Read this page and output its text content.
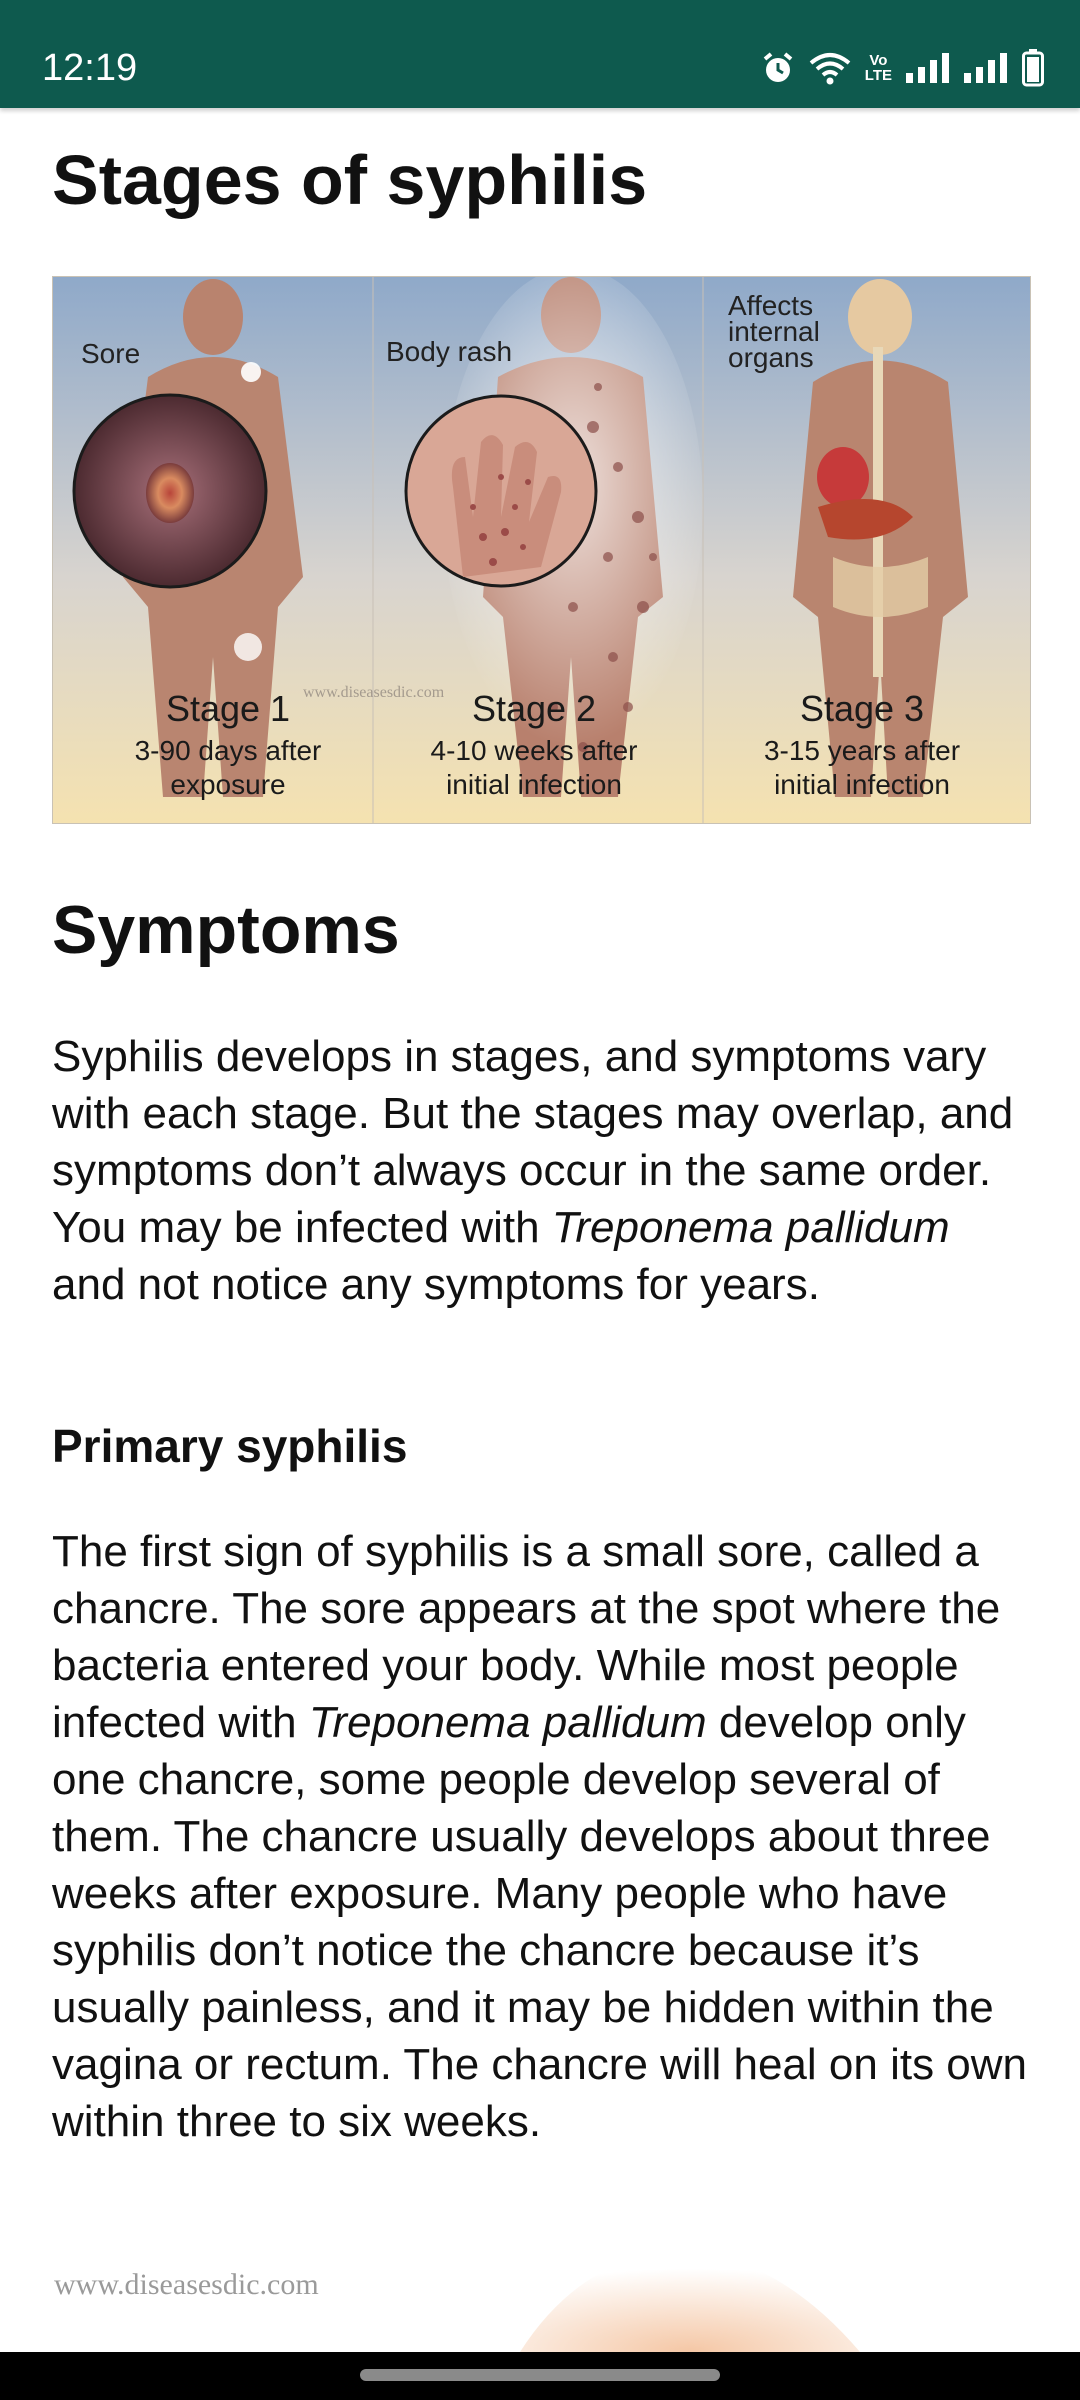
12:19	Vo
LTE
Stages of syphilis
Sore	Body rash
Affects
internal
organs
Stage 1
3-90 days after
exposure
Stage 2
4-10 weeks after
initial infection
Stage 3
3-15 years after
initial infection
www.diseasesdic.com
Symptoms

Syphilis develops in stages, and symptoms vary with each stage. But the stages may overlap, and symptoms don’t always occur in the same order. You may be infected with Treponema pallidum and not notice any symptoms for years.

Primary syphilis

The first sign of syphilis is a small sore, called a chancre. The sore appears at the spot where the bacteria entered your body. While most people infected with Treponema pallidum develop only one chancre, some people develop several of them. The chancre usually develops about three weeks after exposure. Many people who have syphilis don’t notice the chancre because it’s usually painless, and it may be hidden within the vagina or rectum. The chancre will heal on its own within three to six weeks.

www.diseasesdic.com
